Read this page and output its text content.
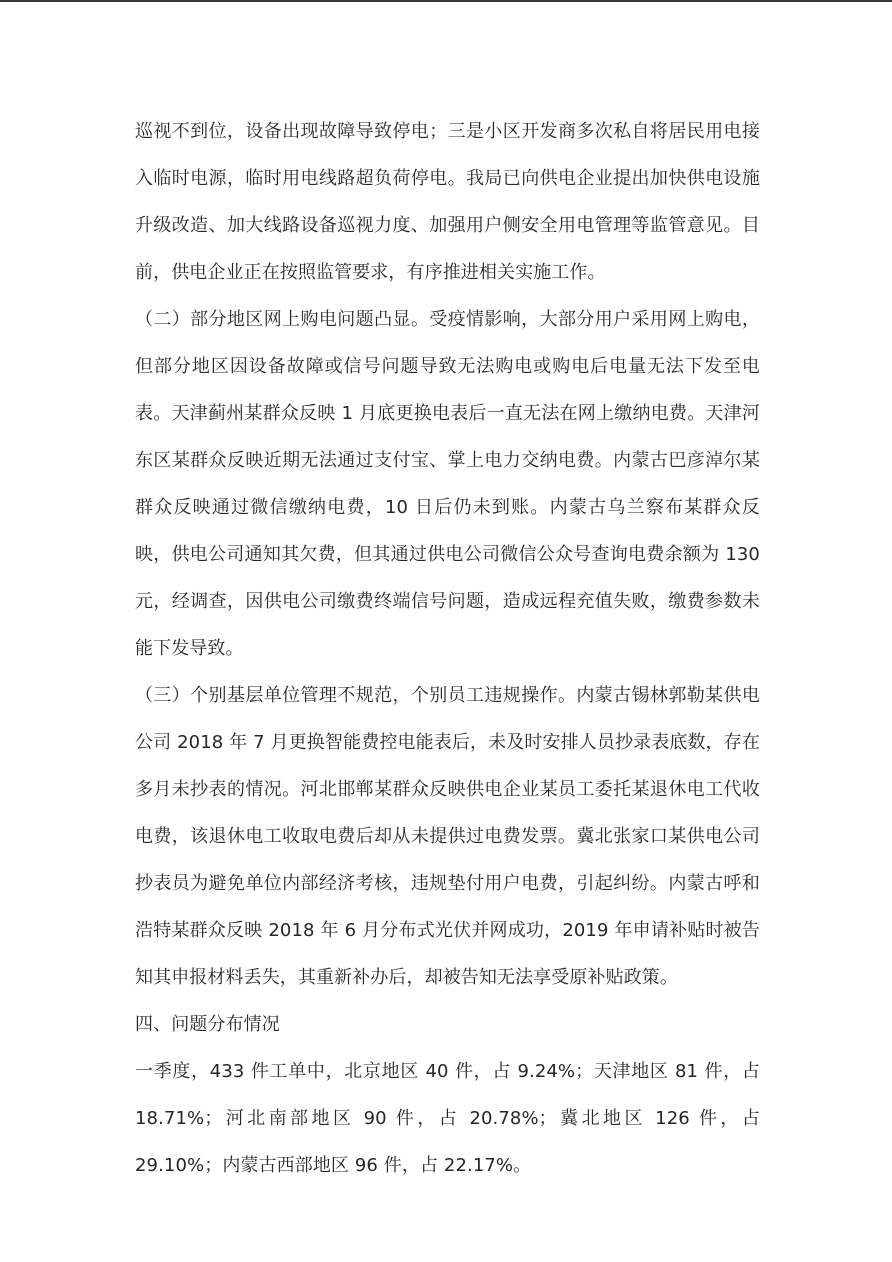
巡视不到位，设备出现故障导致停电；三是小区开发商多次私自将居民用电接入临时电源，临时用电线路超负荷停电。我局已向供电企业提出加快供电设施升级改造、加大线路设备巡视力度、加强用户侧安全用电管理等监管意见。目前，供电企业正在按照监管要求，有序推进相关实施工作。

（二）部分地区网上购电问题凸显。受疫情影响，大部分用户采用网上购电，但部分地区因设备故障或信号问题导致无法购电或购电后电量无法下发至电表。天津蓟州某群众反映 1 月底更换电表后一直无法在网上缴纳电费。天津河东区某群众反映近期无法通过支付宝、掌上电力交纳电费。内蒙古巴彦淖尔某群众反映通过微信缴纳电费，10 日后仍未到账。内蒙古乌兰察布某群众反映，供电公司通知其欠费，但其通过供电公司微信公众号查询电费余额为 130 元，经调查，因供电公司缴费终端信号问题，造成远程充值失败，缴费参数未能下发导致。

（三）个别基层单位管理不规范，个别员工违规操作。内蒙古锡林郭勒某供电公司 2018 年 7 月更换智能费控电能表后，未及时安排人员抄录表底数，存在多月未抄表的情况。河北邯郸某群众反映供电企业某员工委托某退休电工代收电费，该退休电工收取电费后却从未提供过电费发票。冀北张家口某供电公司抄表员为避免单位内部经济考核，违规垫付用户电费，引起纠纷。内蒙古呼和浩特某群众反映 2018 年 6 月分布式光伏并网成功，2019 年申请补贴时被告知其申报材料丢失，其重新补办后，却被告知无法享受原补贴政策。

四、问题分布情况

一季度，433 件工单中，北京地区 40 件，占 9.24%；天津地区 81 件，占 18.71%；河北南部地区 90 件，占 20.78%；冀北地区 126 件，占 29.10%；内蒙古西部地区 96 件，占 22.17%。
